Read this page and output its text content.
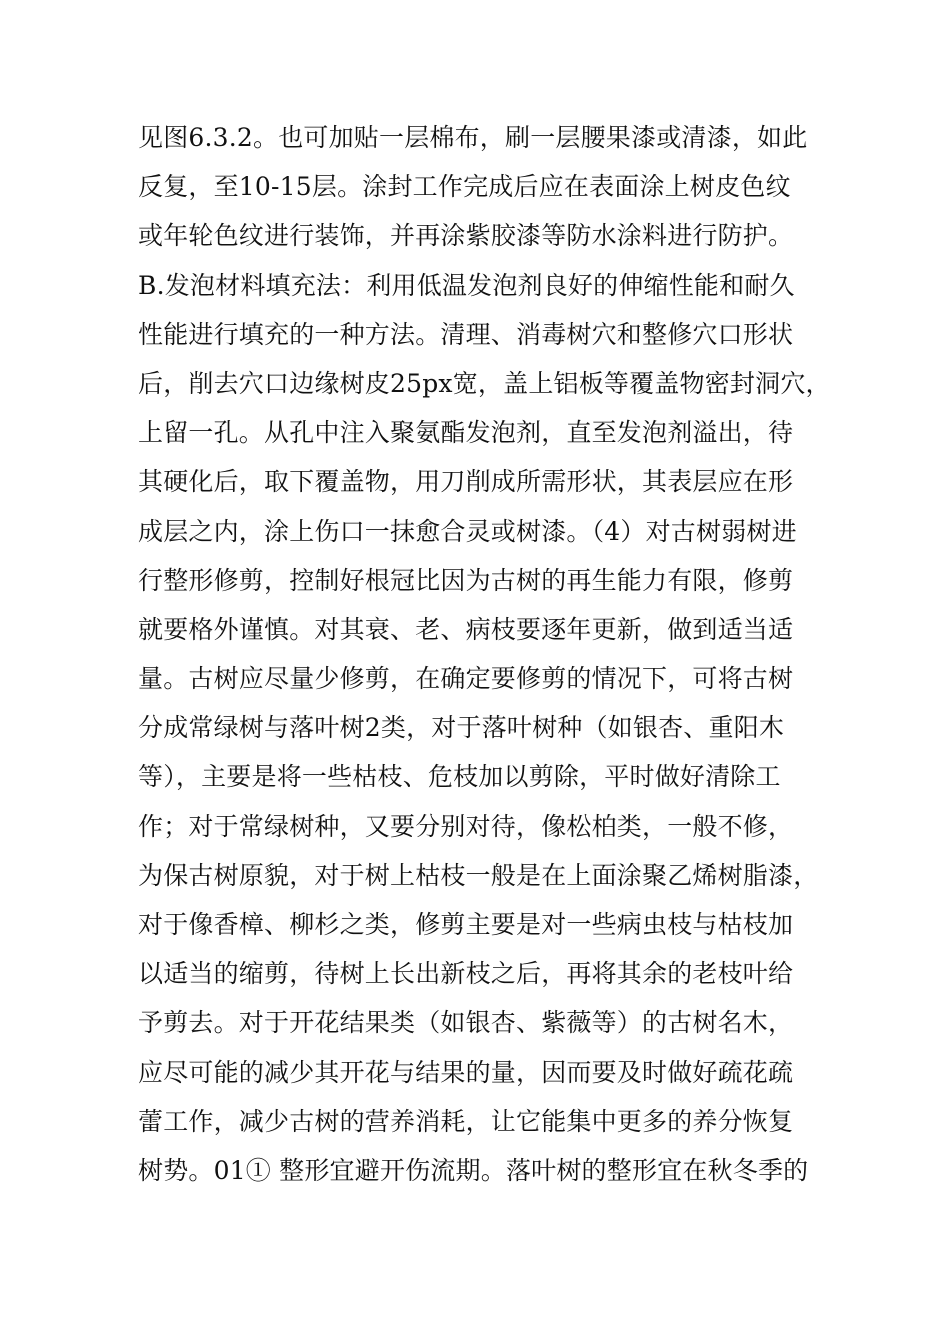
见图6.3.2。也可加贴一层棉布，刷一层腰果漆或清漆，如此
反复，至10-15层。涂封工作完成后应在表面涂上树皮色纹
或年轮色纹进行装饰，并再涂紫胶漆等防水涂料进行防护。
B.发泡材料填充法：利用低温发泡剂良好的伸缩性能和耐久
性能进行填充的一种方法。清理、消毒树穴和整修穴口形状
后，削去穴口边缘树皮25px宽，盖上铝板等覆盖物密封洞穴，
上留一孔。从孔中注入聚氨酯发泡剂，直至发泡剂溢出，待
其硬化后，取下覆盖物，用刀削成所需形状，其表层应在形
成层之内，涂上伤口一抹愈合灵或树漆。（4）对古树弱树进
行整形修剪，控制好根冠比因为古树的再生能力有限，修剪
就要格外谨慎。对其衰、老、病枝要逐年更新，做到适当适
量。古树应尽量少修剪，在确定要修剪的情况下，可将古树
分成常绿树与落叶树2类，对于落叶树种（如银杏、重阳木
等），主要是将一些枯枝、危枝加以剪除，平时做好清除工
作；对于常绿树种，又要分别对待，像松柏类，一般不修，
为保古树原貌，对于树上枯枝一般是在上面涂聚乙烯树脂漆，
对于像香樟、柳杉之类，修剪主要是对一些病虫枝与枯枝加
以适当的缩剪，待树上长出新枝之后，再将其余的老枝叶给
予剪去。对于开花结果类（如银杏、紫薇等）的古树名木，
应尽可能的减少其开花与结果的量，因而要及时做好疏花疏
蕾工作，减少古树的营养消耗，让它能集中更多的养分恢复
树势。01① 整形宜避开伤流期。落叶树的整形宜在秋冬季的
